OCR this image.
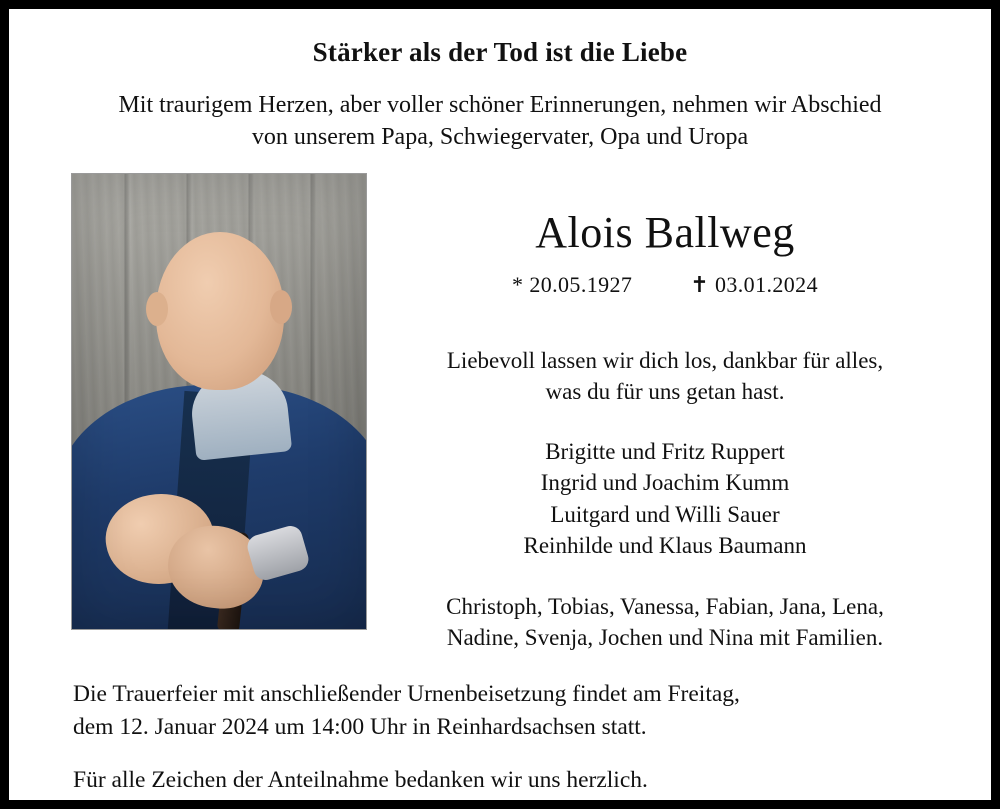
Stärker als der Tod ist die Liebe
Mit traurigem Herzen, aber voller schöner Erinnerungen, nehmen wir Abschied
von unserem Papa, Schwiegervater, Opa und Uropa
Alois Ballweg
* 20.05.1927	✝ 03.01.2024
Liebevoll lassen wir dich los, dankbar für alles,
was du für uns getan hast.
Brigitte und Fritz Ruppert
Ingrid und Joachim Kumm
Luitgard und Willi Sauer
Reinhilde und Klaus Baumann
Christoph, Tobias, Vanessa, Fabian, Jana, Lena,
Nadine, Svenja, Jochen und Nina mit Familien.
Die Trauerfeier mit anschließender Urnenbeisetzung findet am Freitag,
dem 12. Januar 2024 um 14:00 Uhr in Reinhardsachsen statt.
Für alle Zeichen der Anteilnahme bedanken wir uns herzlich.
